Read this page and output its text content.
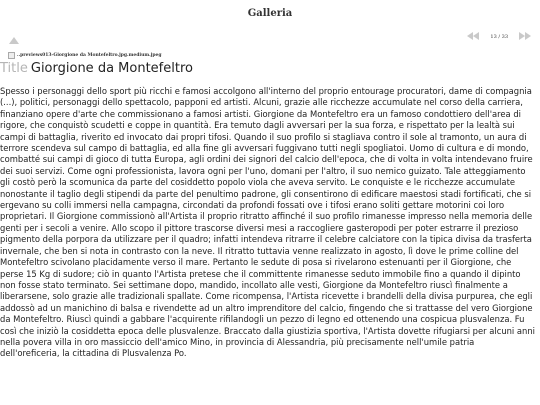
Galleria
13 / 33
..previews013-Giorgione da Montefeltro.jpg.medium.jpeg
Title Giorgione da Montefeltro
Spesso i personaggi dello sport più ricchi e famosi accolgono all'interno del proprio entourage procuratori, dame di compagnia (...), politici, personaggi dello spettacolo, papponi ed artisti. Alcuni, grazie alle ricchezze accumulate nel corso della carriera, finanziano opere d'arte che commissionano a famosi artisti. Giorgione da Montefeltro era un famoso condottiero dell'area di rigore, che conquistò scudetti e coppe in quantità. Era temuto dagli avversari per la sua forza, e rispettato per la lealtà sui campi di battaglia, riverito ed invocato dai propri tifosi. Quando il suo profilo si stagliava contro il sole al tramonto, un aura di terrore scendeva sul campo di battaglia, ed alla fine gli avversari fuggivano tutti negli spogliatoi. Uomo di cultura e di mondo, combatté sui campi di gioco di tutta Europa, agli ordini dei signori del calcio dell'epoca, che di volta in volta intendevano fruire dei suoi servizi. Come ogni professionista, lavora ogni per l'uno, domani per l'altro, il suo nemico guizato. Tale atteggiamento gli costò però la scomunica da parte del cosiddetto popolo viola che aveva servito. Le conquiste e le ricchezze accumulate nonostante il taglio degli stipendi da parte del penultimo padrone, gli consentirono di edificare maestosi stadi fortificati, che si ergevano su colli immersi nella campagna, circondati da profondi fossati ove i tifosi erano soliti gettare motorini coi loro proprietari. Il Giorgione commissionò all'Artista il proprio ritratto affinché il suo profilo rimanesse impresso nella memoria delle genti per i secoli a venire. Allo scopo il pittore trascorse diversi mesi a raccogliere gasteropodi per poter estrarre il prezioso pigmento della porpora da utilizzare per il quadro; infatti intendeva ritrarre il celebre calciatore con la tipica divisa da trasferta invernale, che ben si nota in contrasto con la neve. Il ritratto tuttavia venne realizzato in agosto, lì dove le prime colline del Montefeltro scivolano placidamente verso il mare. Pertanto le sedute di posa si rivelarono estenuanti per il Giorgione, che perse 15 Kg di sudore; ciò in quanto l'Artista pretese che il committente rimanesse seduto immobile fino a quando il dipinto non fosse stato terminato. Sei settimane dopo, mandido, incollato alle vesti, Giorgione da Montefeltro riuscì finalmente a liberarsene, solo grazie alle tradizionali spallate. Come ricompensa, l'Artista ricevette i brandelli della divisa purpurea, che egli addossò ad un manichino di balsa e rivendette ad un altro imprenditore del calcio, fingendo che si trattasse del vero Giorgione da Montefeltro. Riuscì quindi a gabbare l'acquirente rifilandogli un pezzo di legno ed ottenendo una cospicua plusvalenza. Fu così che iniziò la cosiddetta epoca delle plusvalenze. Braccato dalla giustizia sportiva, l'Artista dovette rifugiarsi per alcuni anni nella povera villa in oro massiccio dell'amico Mino, in provincia di Alessandria, più precisamente nell'umile patria dell'oreficeria, la cittadina di Plusvalenza Po.
